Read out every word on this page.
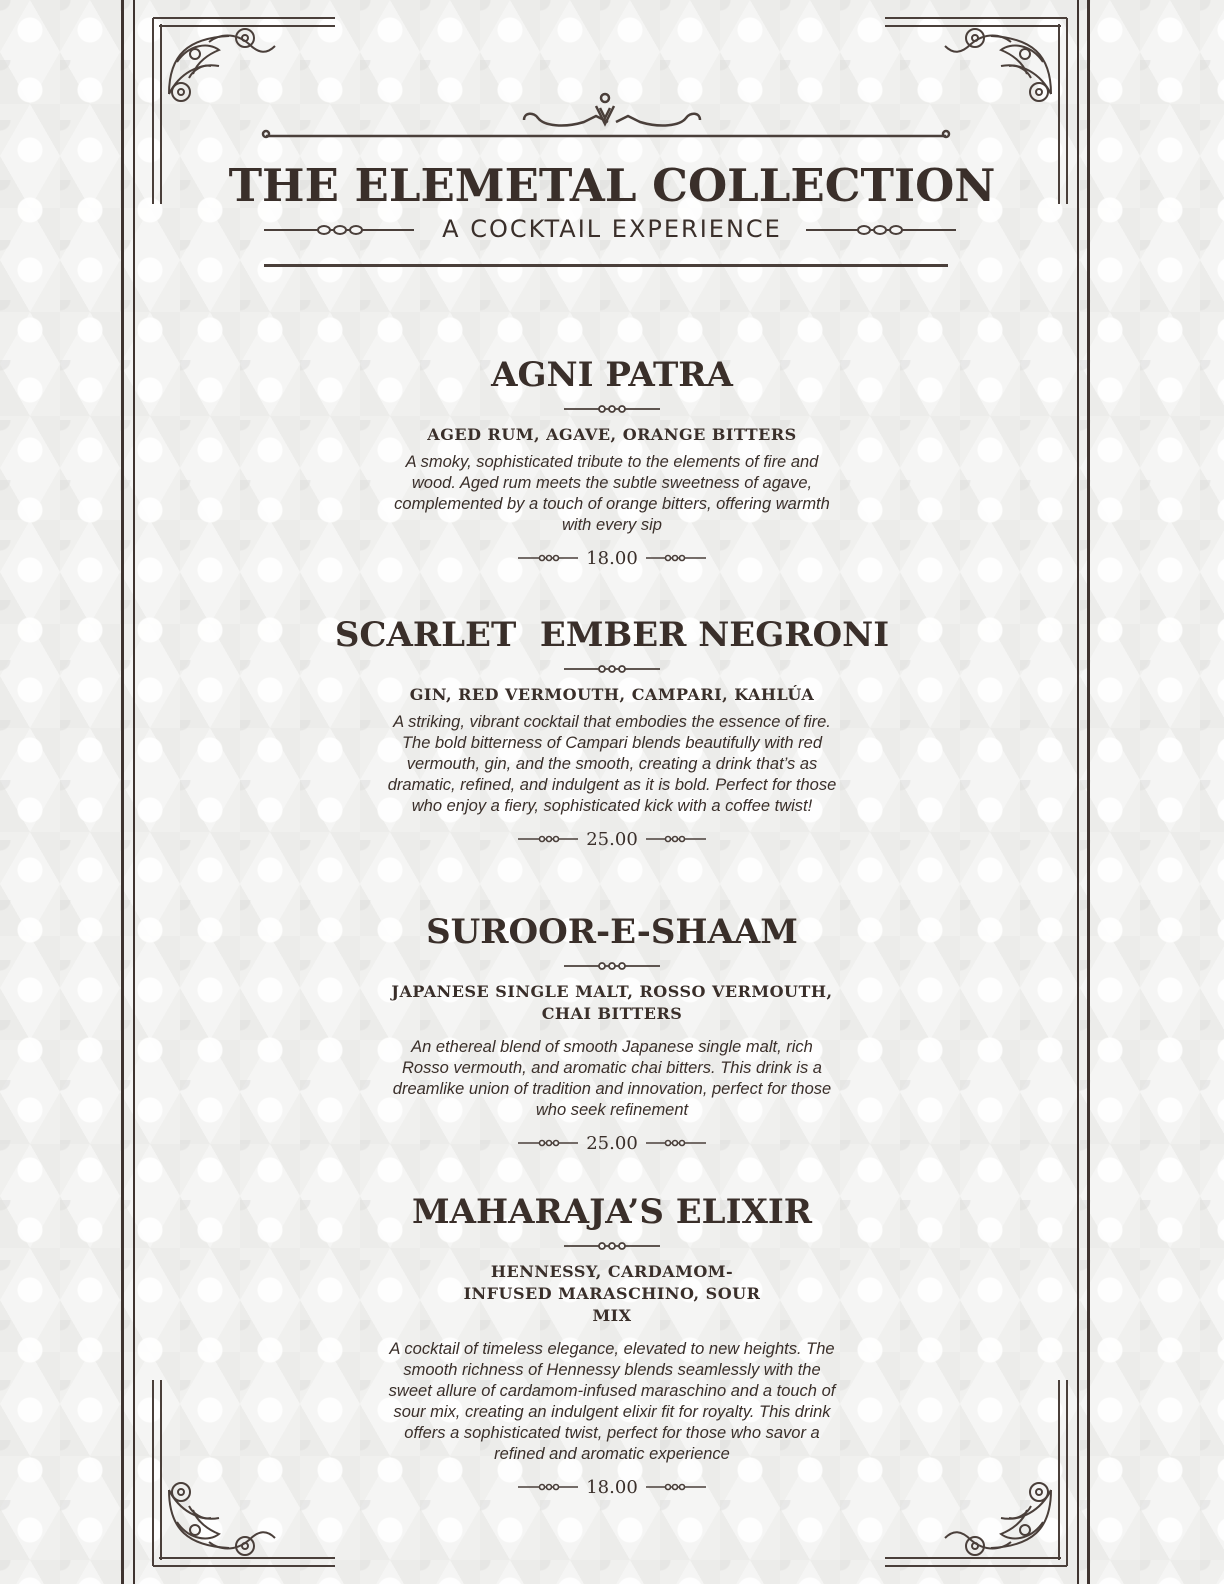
THE ELEMETAL COLLECTION
A COCKTAIL EXPERIENCE
AGNI PATRA
AGED RUM, AGAVE, ORANGE BITTERS
A smoky, sophisticated tribute to the elements of fire and wood. Aged rum meets the subtle sweetness of agave, complemented by a touch of orange bitters, offering warmth with every sip
18.00
SCARLET  EMBER NEGRONI
GIN, RED VERMOUTH, CAMPARI, KAHLÚA
A striking, vibrant cocktail that embodies the essence of fire. The bold bitterness of Campari blends beautifully with red vermouth, gin, and the smooth, creating a drink that’s as dramatic, refined, and indulgent as it is bold. Perfect for those who enjoy a fiery, sophisticated kick with a coffee twist!
25.00
SUROOR-E-SHAAM
JAPANESE SINGLE MALT, ROSSO VERMOUTH, CHAI BITTERS
An ethereal blend of smooth Japanese single malt, rich Rosso vermouth, and aromatic chai bitters. This drink is a dreamlike union of tradition and innovation, perfect for those who seek refinement
25.00
MAHARAJA’S ELIXIR
HENNESSY, CARDAMOM-INFUSED MARASCHINO, SOUR MIX
A cocktail of timeless elegance, elevated to new heights. The smooth richness of Hennessy blends seamlessly with the sweet allure of cardamom-infused maraschino and a touch of sour mix, creating an indulgent elixir fit for royalty. This drink offers a sophisticated twist, perfect for those who savor a refined and aromatic experience
18.00
